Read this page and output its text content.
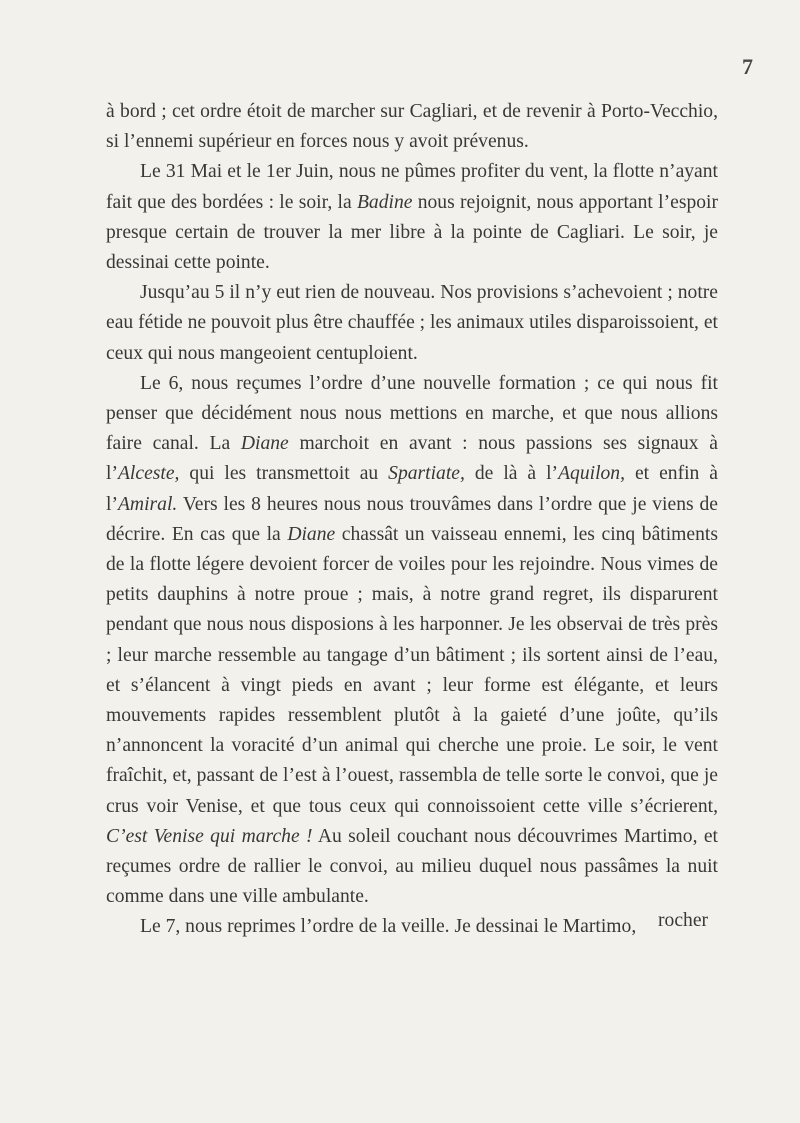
7

à bord ; cet ordre étoit de marcher sur Cagliari, et de revenir à Porto-Vecchio, si l’ennemi supérieur en forces nous y avoit prévenus.

Le 31 Mai et le 1er Juin, nous ne pûmes profiter du vent, la flotte n’ayant fait que des bordées : le soir, la Badine nous rejoignit, nous apportant l’espoir presque certain de trouver la mer libre à la pointe de Cagliari. Le soir, je dessinai cette pointe.

Jusqu’au 5 il n’y eut rien de nouveau. Nos provisions s’achevoient ; notre eau fétide ne pouvoit plus être chauffée ; les animaux utiles disparoissoient, et ceux qui nous mangeoient centuploient.

Le 6, nous reçumes l’ordre d’une nouvelle formation ; ce qui nous fit penser que décidément nous nous mettions en marche, et que nous allions faire canal. La Diane marchoit en avant : nous passions ses signaux à l’Alceste, qui les transmettoit au Spartiate, de là à l’Aquilon, et enfin à l’Amiral. Vers les 8 heures nous nous trouvâmes dans l’ordre que je viens de décrire. En cas que la Diane chassât un vaisseau ennemi, les cinq bâtiments de la flotte légere devoient forcer de voiles pour les rejoindre. Nous vimes de petits dauphins à notre proue ; mais, à notre grand regret, ils disparurent pendant que nous nous disposions à les harponner. Je les observai de très près ; leur marche ressemble au tangage d’un bâtiment ; ils sortent ainsi de l’eau, et s’élancent à vingt pieds en avant ; leur forme est élégante, et leurs mouvements rapides ressemblent plutôt à la gaieté d’une joûte, qu’ils n’annoncent la voracité d’un animal qui cherche une proie. Le soir, le vent fraîchit, et, passant de l’est à l’ouest, rassembla de telle sorte le convoi, que je crus voir Venise, et que tous ceux qui connoissoient cette ville s’écrierent, C’est Venise qui marche ! Au soleil couchant nous découvrimes Martimo, et reçumes ordre de rallier le convoi, au milieu duquel nous passâmes la nuit comme dans une ville ambulante.

Le 7, nous reprimes l’ordre de la veille. Je dessinai le Martimo,	rocher
